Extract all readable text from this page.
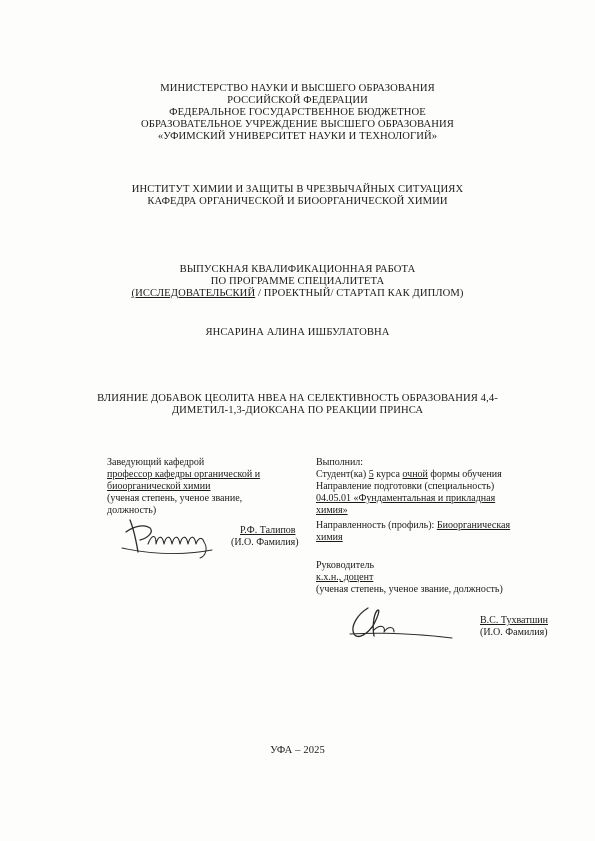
МИНИСТЕРСТВО НАУКИ И ВЫСШЕГО ОБРАЗОВАНИЯ
РОССИЙСКОЙ ФЕДЕРАЦИИ
ФЕДЕРАЛЬНОЕ ГОСУДАРСТВЕННОЕ БЮДЖЕТНОЕ
ОБРАЗОВАТЕЛЬНОЕ УЧРЕЖДЕНИЕ ВЫСШЕГО ОБРАЗОВАНИЯ
«УФИМСКИЙ УНИВЕРСИТЕТ НАУКИ И ТЕХНОЛОГИЙ»
ИНСТИТУТ ХИМИИ И ЗАЩИТЫ В ЧРЕЗВЫЧАЙНЫХ СИТУАЦИЯХ
КАФЕДРА ОРГАНИЧЕСКОЙ И БИООРГАНИЧЕСКОЙ ХИМИИ
ВЫПУСКНАЯ КВАЛИФИКАЦИОННАЯ РАБОТА
ПО ПРОГРАММЕ СПЕЦИАЛИТЕТА
(ИССЛЕДОВАТЕЛЬСКИЙ / ПРОЕКТНЫЙ/ СТАРТАП КАК ДИПЛОМ)
ЯНСАРИНА АЛИНА ИШБУЛАТОВНА
ВЛИЯНИЕ ДОБАВОК ЦЕОЛИТА HBEA НА СЕЛЕКТИВНОСТЬ ОБРАЗОВАНИЯ 4,4-
ДИМЕТИЛ-1,3-ДИОКСАНА ПО РЕАКЦИИ ПРИНСА
Заведующий кафедрой
профессор кафедры органической и
биоорганической химии
(ученая степень, ученое звание,
должность)
Р.Ф. Талипов
(И.О. Фамилия)
Выполнил:
Студент(ка) 5 курса очной формы обучения
Направление подготовки (специальность)
04.05.01 «Фундаментальная и прикладная
химия»
Направленность (профиль): Биоорганическая
химия
Руководитель
к.х.н., доцент
(ученая степень, ученое звание, должность)
В.С. Тухватшин
(И.О. Фамилия)
УФА – 2025
